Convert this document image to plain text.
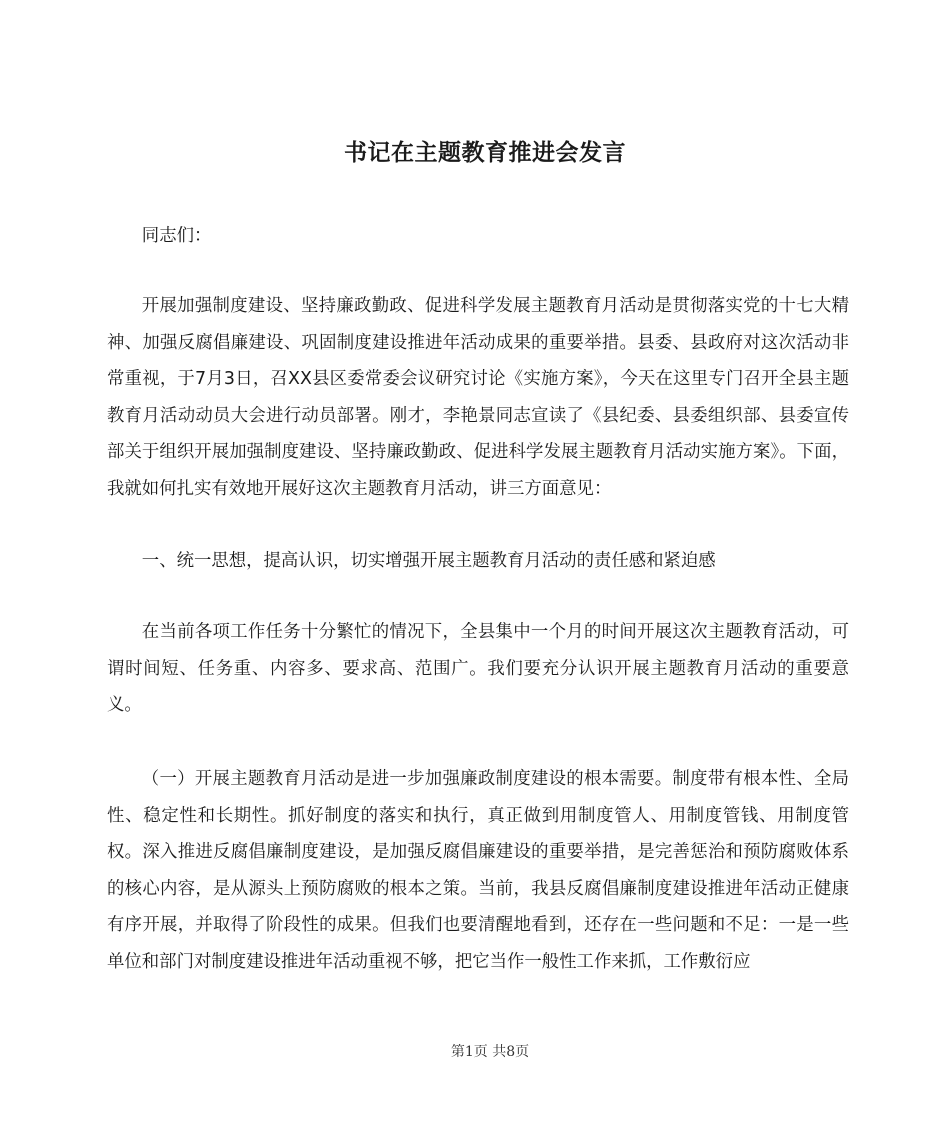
书记在主题教育推进会发言

同志们：

开展加强制度建设、坚持廉政勤政、促进科学发展主题教育月活动是贯彻落实党的十七大精神、加强反腐倡廉建设、巩固制度建设推进年活动成果的重要举措。县委、县政府对这次活动非常重视，于7月3日，召XX县区委常委会议研究讨论《实施方案》，今天在这里专门召开全县主题教育月活动动员大会进行动员部署。刚才，李艳景同志宣读了《县纪委、县委组织部、县委宣传部关于组织开展加强制度建设、坚持廉政勤政、促进科学发展主题教育月活动实施方案》。下面，我就如何扎实有效地开展好这次主题教育月活动，讲三方面意见：

一、统一思想，提高认识，切实增强开展主题教育月活动的责任感和紧迫感

在当前各项工作任务十分繁忙的情况下，全县集中一个月的时间开展这次主题教育活动，可谓时间短、任务重、内容多、要求高、范围广。我们要充分认识开展主题教育月活动的重要意义。

（一）开展主题教育月活动是进一步加强廉政制度建设的根本需要。制度带有根本性、全局性、稳定性和长期性。抓好制度的落实和执行，真正做到用制度管人、用制度管钱、用制度管权。深入推进反腐倡廉制度建设，是加强反腐倡廉建设的重要举措，是完善惩治和预防腐败体系的核心内容，是从源头上预防腐败的根本之策。当前，我县反腐倡廉制度建设推进年活动正健康有序开展，并取得了阶段性的成果。但我们也要清醒地看到，还存在一些问题和不足：一是一些单位和部门对制度建设推进年活动重视不够，把它当作一般性工作来抓，工作敷衍应

第1页 共8页
